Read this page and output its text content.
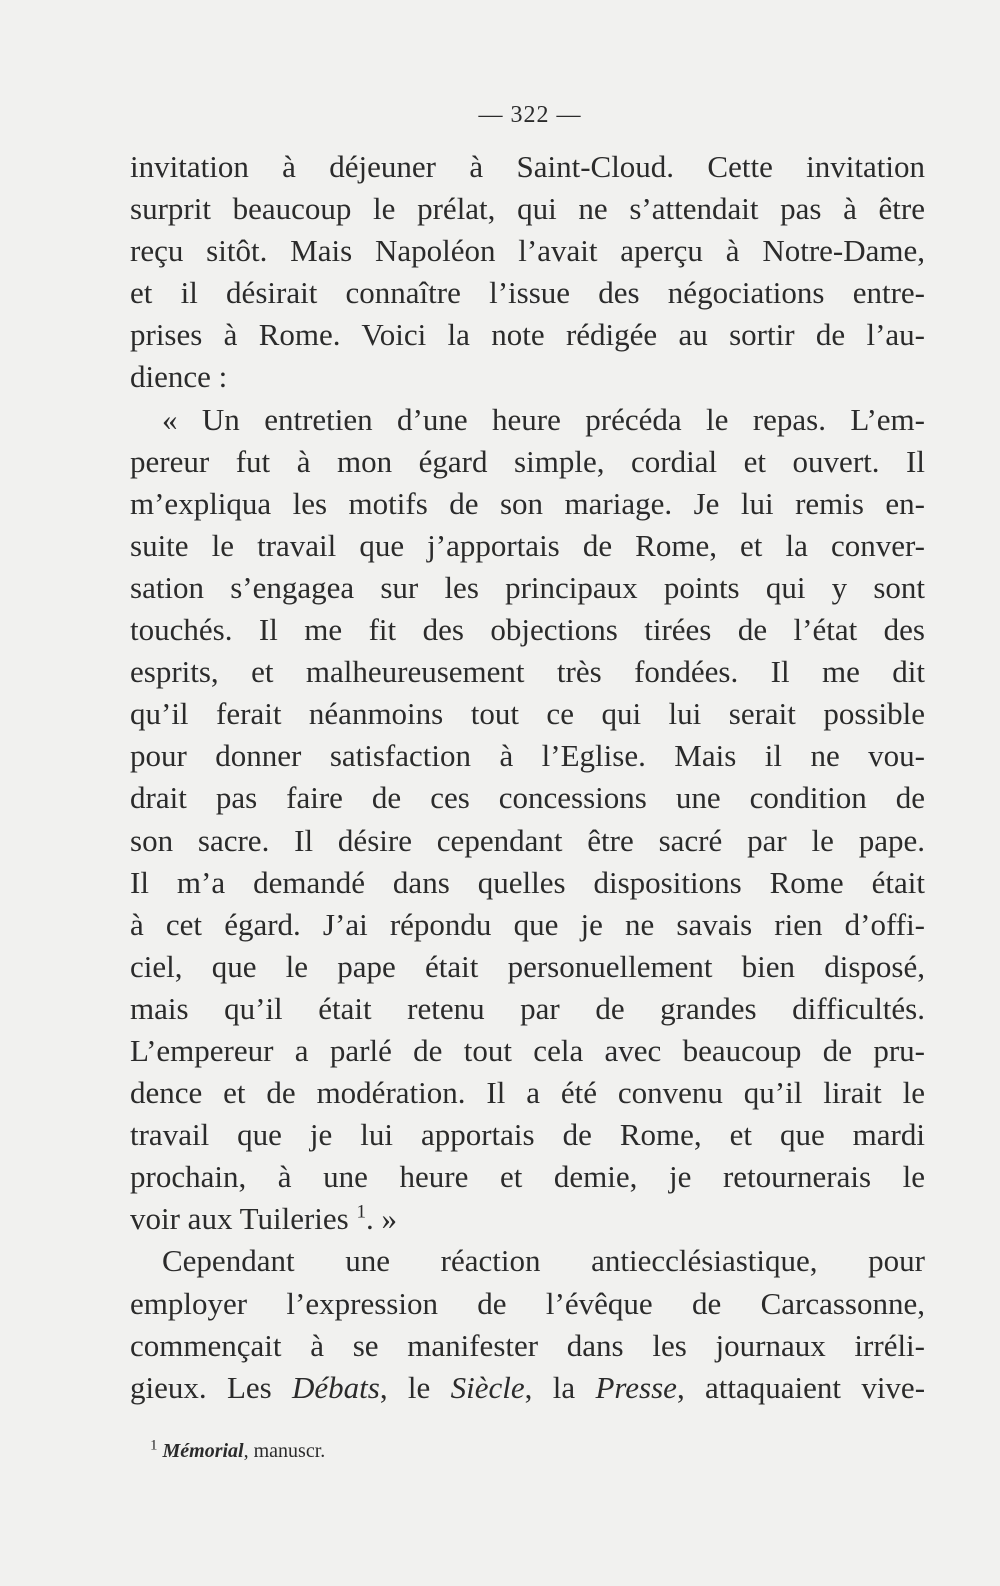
— 322 —
invitation à déjeuner à Saint-Cloud. Cette invitation
surprit beaucoup le prélat, qui ne s’attendait pas à être
reçu sitôt. Mais Napoléon l’avait aperçu à Notre-Dame,
et il désirait connaître l’issue des négociations entre-
prises à Rome. Voici la note rédigée au sortir de l’au-
dience :
« Un entretien d’une heure précéda le repas. L’em-
pereur fut à mon égard simple, cordial et ouvert. Il
m’expliqua les motifs de son mariage. Je lui remis en-
suite le travail que j’apportais de Rome, et la conver-
sation s’engagea sur les principaux points qui y sont
touchés. Il me fit des objections tirées de l’état des
esprits, et malheureusement très fondées. Il me dit
qu’il ferait néanmoins tout ce qui lui serait possible
pour donner satisfaction à l’Eglise. Mais il ne vou-
drait pas faire de ces concessions une condition de
son sacre. Il désire cependant être sacré par le pape.
Il m’a demandé dans quelles dispositions Rome était
à cet égard. J’ai répondu que je ne savais rien d’offi-
ciel, que le pape était personuellement bien disposé,
mais qu’il était retenu par de grandes difficultés.
L’empereur a parlé de tout cela avec beaucoup de pru-
dence et de modération. Il a été convenu qu’il lirait le
travail que je lui apportais de Rome, et que mardi
prochain, à une heure et demie, je retournerais le
voir aux Tuileries $^1$. »
Cependant une réaction antiecclésiastique, pour
employer l’expression de l’évêque de Carcassonne,
commençait à se manifester dans les journaux irréli-
gieux. Les Débats, le Siècle, la Presse, attaquaient vive-
$^1$ Mémorial, manuscr.
